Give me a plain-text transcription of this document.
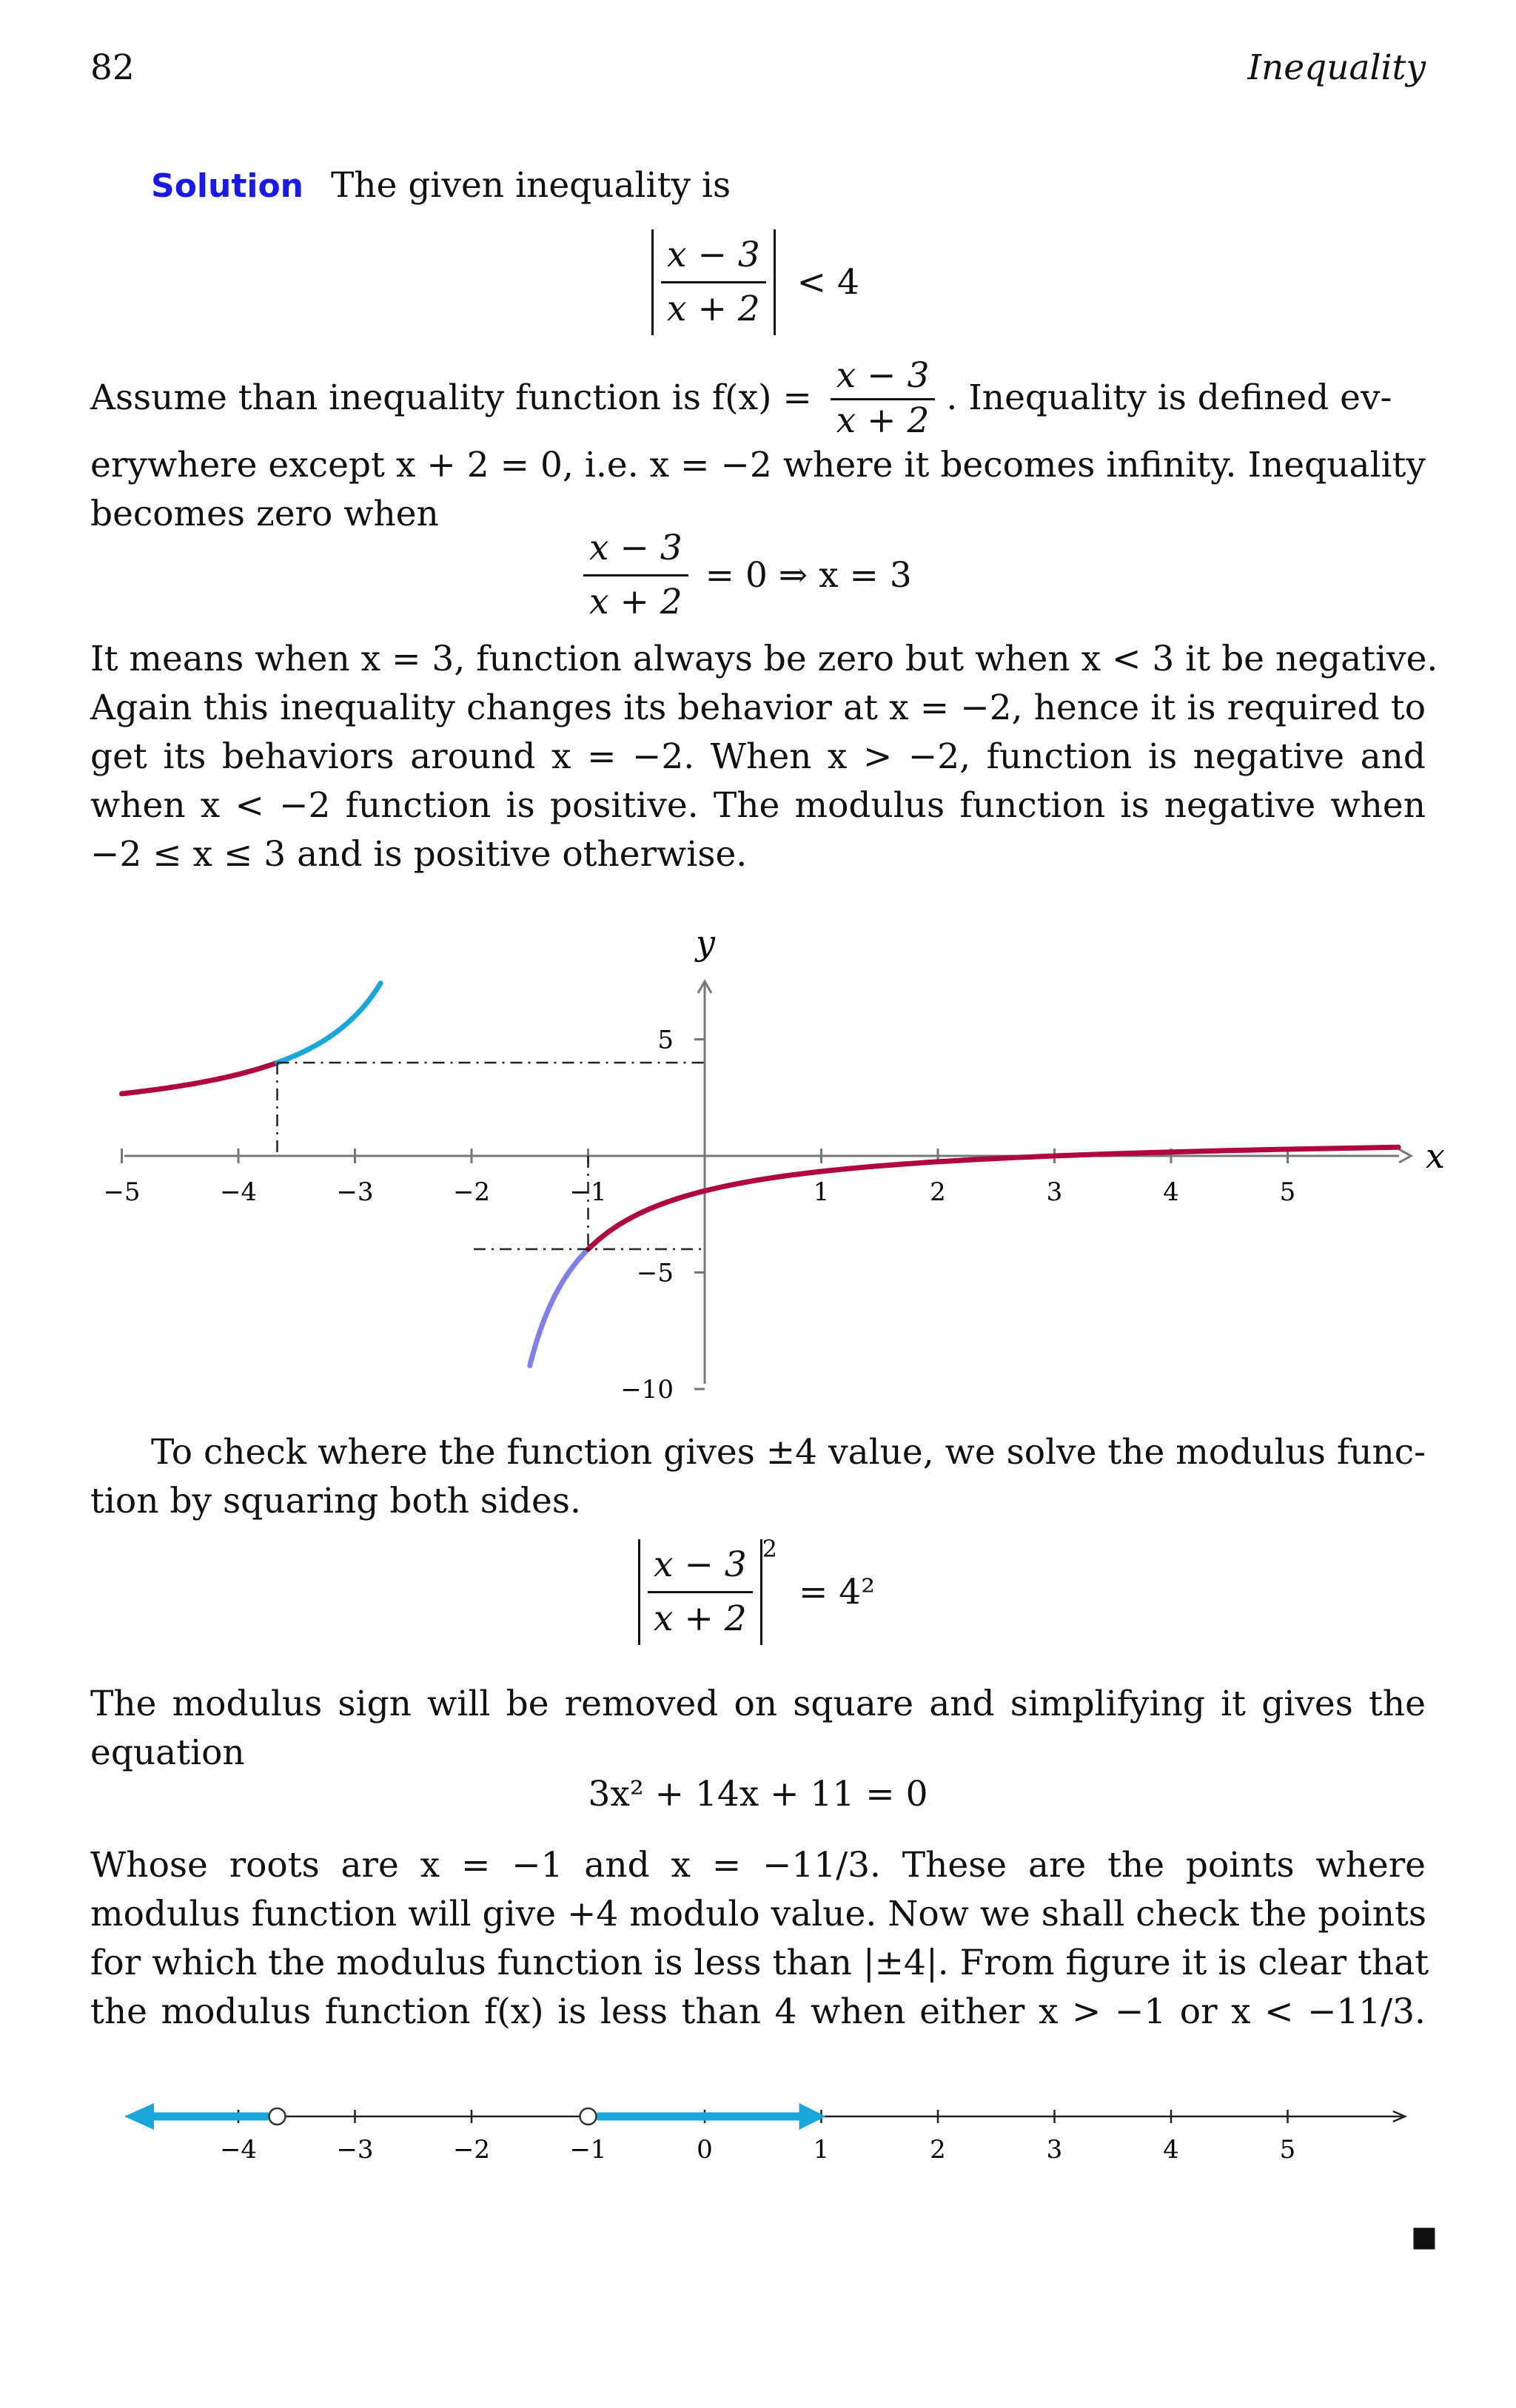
82	Inequality
Solution The given inequality is
$\frac{x - 3}{x + 2} < 4$
Assume than inequality function is $f(x) = \frac{x - 3}{x + 2}$ . Inequality is defined ev-
erywhere except x + 2 = 0, i.e. x = −2 where it becomes infinity. Inequality
becomes zero when
$\frac{x - 3}{x + 2} = 0$ ⇒ x = 3
It means when x = 3, function always be zero but when x < 3 it be negative.
Again this inequality changes its behavior at x = −2, hence it is required to
get its behaviors around x = −2. When x > −2, function is negative and
when x < −2 function is positive. The modulus function is negative when
−2 ≤ x ≤ 3 and is positive otherwise.
y
x
−5	−4	−3	−2	−1	1	2	3	4	5
5
−5
−10
To check where the function gives ±4 value, we solve the modulus func-
tion by squaring both sides.
$\frac{x - 3}{x + 2} ^2 = 4^2$
The modulus sign will be removed on square and simplifying it gives the
equation
3x² + 14x + 11 = 0
Whose roots are x = −1 and x = −11/3. These are the points where
modulus function will give +4 modulo value. Now we shall check the points
for which the modulus function is less than |±4|. From figure it is clear that
the modulus function f(x) is less than 4 when either x > −1 or x < −11/3.
−4	−3	−2	−1	0	1	2	3	4	5
■
